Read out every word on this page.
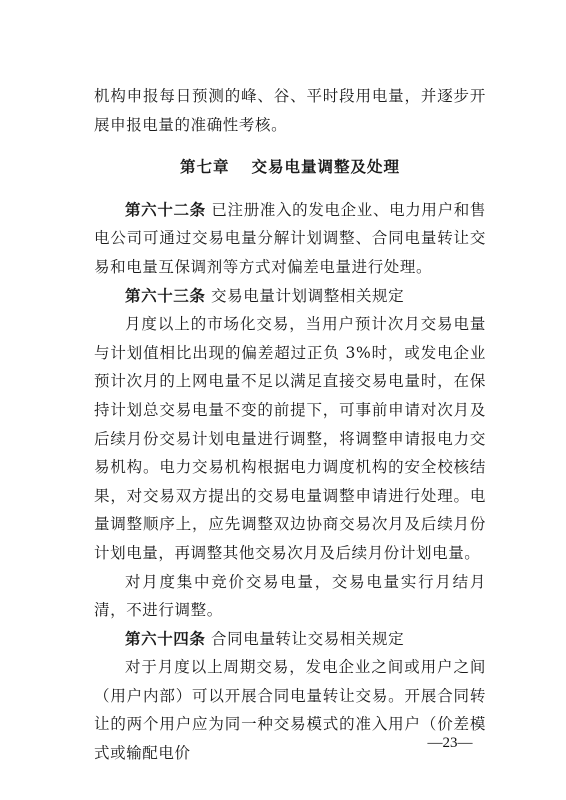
机构申报每日预测的峰、谷、平时段用电量，并逐步开展申报电量的准确性考核。

第七章 交易电量调整及处理

第六十二条 已注册准入的发电企业、电力用户和售电公司可通过交易电量分解计划调整、合同电量转让交易和电量互保调剂等方式对偏差电量进行处理。

第六十三条 交易电量计划调整相关规定

月度以上的市场化交易，当用户预计次月交易电量与计划值相比出现的偏差超过正负 3%时，或发电企业预计次月的上网电量不足以满足直接交易电量时，在保持计划总交易电量不变的前提下，可事前申请对次月及后续月份交易计划电量进行调整，将调整申请报电力交易机构。电力交易机构根据电力调度机构的安全校核结果，对交易双方提出的交易电量调整申请进行处理。电量调整顺序上，应先调整双边协商交易次月及后续月份计划电量，再调整其他交易次月及后续月份计划电量。

对月度集中竞价交易电量，交易电量实行月结月清，不进行调整。

第六十四条 合同电量转让交易相关规定

对于月度以上周期交易，发电企业之间或用户之间（用户内部）可以开展合同电量转让交易。开展合同转让的两个用户应为同一种交易模式的准入用户（价差模式或输配电价

—23—
